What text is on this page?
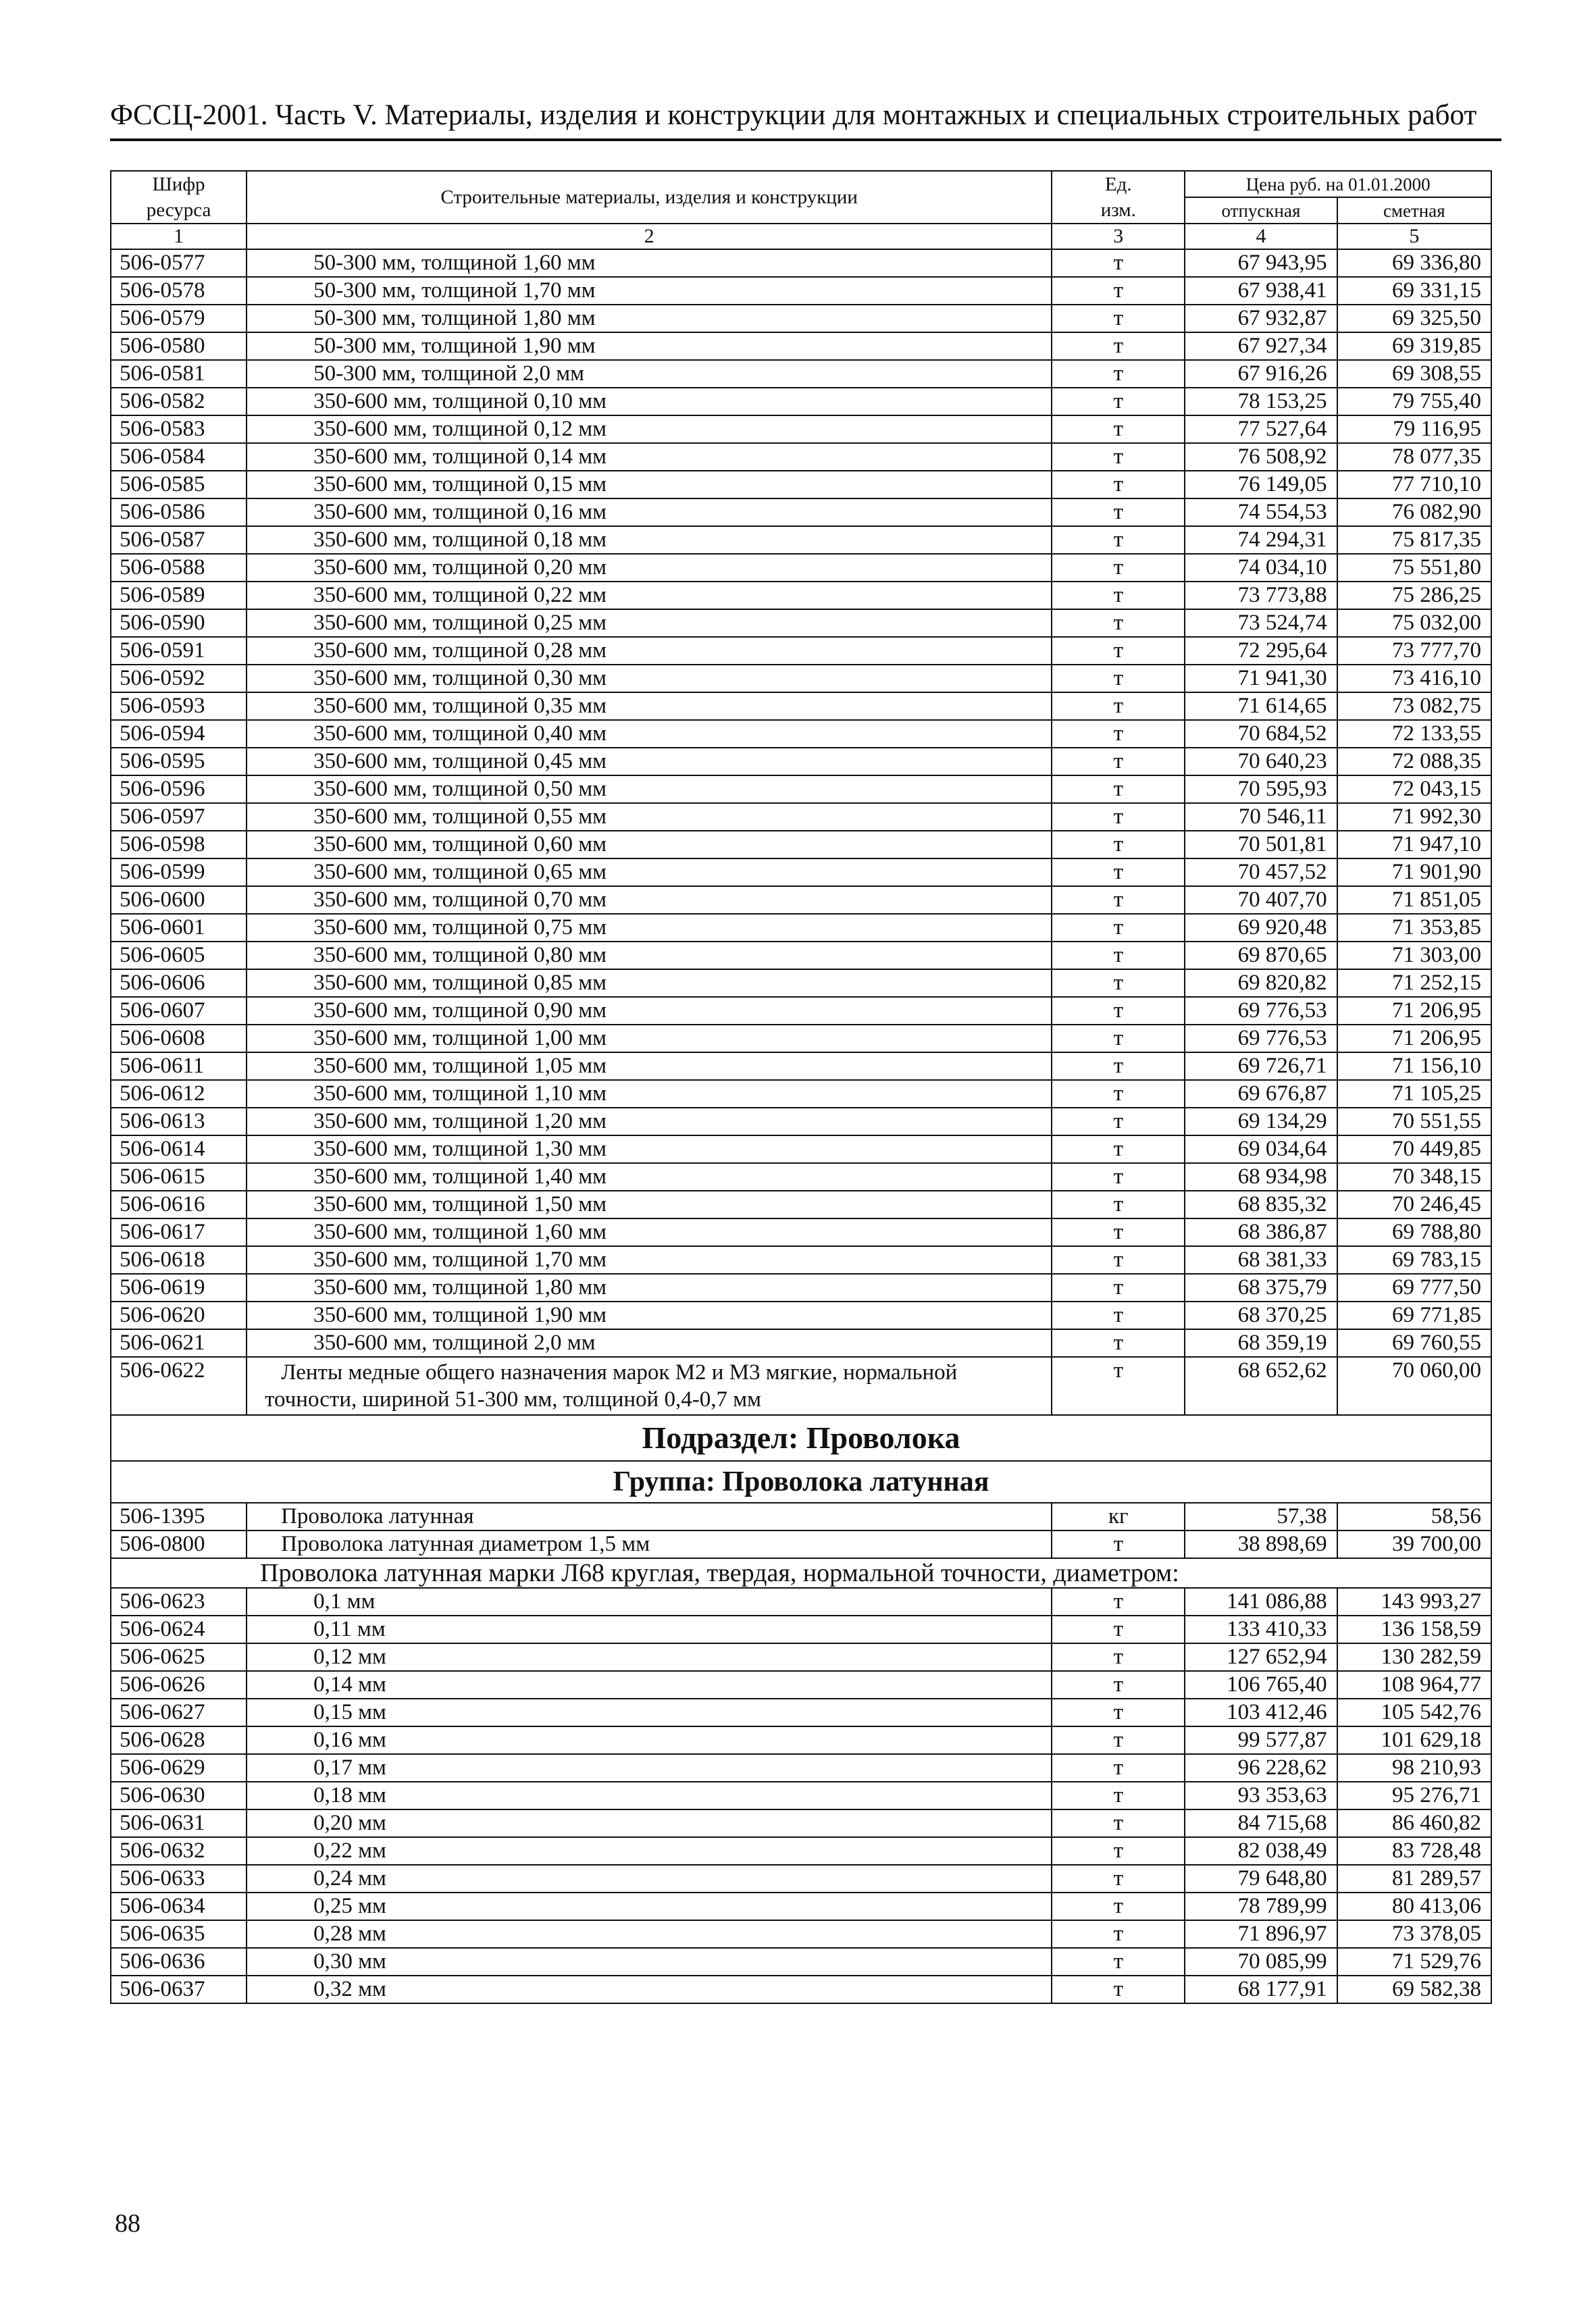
ФССЦ-2001. Часть V. Материалы, изделия и конструкции для монтажных и специальных строительных работ
Шифр
ресурса	Строительные материалы, изделия и конструкции	Ед.
изм.	Цена руб. на 01.01.2000	
			отпускная	сметная
1	2	3	4	5
506-0577	50-300 мм, толщиной 1,60 мм	т	67 943,95	69 336,80
506-0578	50-300 мм, толщиной 1,70 мм	т	67 938,41	69 331,15
506-0579	50-300 мм, толщиной 1,80 мм	т	67 932,87	69 325,50
506-0580	50-300 мм, толщиной 1,90 мм	т	67 927,34	69 319,85
506-0581	50-300 мм, толщиной 2,0 мм	т	67 916,26	69 308,55
506-0582	350-600 мм, толщиной 0,10 мм	т	78 153,25	79 755,40
506-0583	350-600 мм, толщиной 0,12 мм	т	77 527,64	79 116,95
506-0584	350-600 мм, толщиной 0,14 мм	т	76 508,92	78 077,35
506-0585	350-600 мм, толщиной 0,15 мм	т	76 149,05	77 710,10
506-0586	350-600 мм, толщиной 0,16 мм	т	74 554,53	76 082,90
506-0587	350-600 мм, толщиной 0,18 мм	т	74 294,31	75 817,35
506-0588	350-600 мм, толщиной 0,20 мм	т	74 034,10	75 551,80
506-0589	350-600 мм, толщиной 0,22 мм	т	73 773,88	75 286,25
506-0590	350-600 мм, толщиной 0,25 мм	т	73 524,74	75 032,00
506-0591	350-600 мм, толщиной 0,28 мм	т	72 295,64	73 777,70
506-0592	350-600 мм, толщиной 0,30 мм	т	71 941,30	73 416,10
506-0593	350-600 мм, толщиной 0,35 мм	т	71 614,65	73 082,75
506-0594	350-600 мм, толщиной 0,40 мм	т	70 684,52	72 133,55
506-0595	350-600 мм, толщиной 0,45 мм	т	70 640,23	72 088,35
506-0596	350-600 мм, толщиной 0,50 мм	т	70 595,93	72 043,15
506-0597	350-600 мм, толщиной 0,55 мм	т	70 546,11	71 992,30
506-0598	350-600 мм, толщиной 0,60 мм	т	70 501,81	71 947,10
506-0599	350-600 мм, толщиной 0,65 мм	т	70 457,52	71 901,90
506-0600	350-600 мм, толщиной 0,70 мм	т	70 407,70	71 851,05
506-0601	350-600 мм, толщиной 0,75 мм	т	69 920,48	71 353,85
506-0605	350-600 мм, толщиной 0,80 мм	т	69 870,65	71 303,00
506-0606	350-600 мм, толщиной 0,85 мм	т	69 820,82	71 252,15
506-0607	350-600 мм, толщиной 0,90 мм	т	69 776,53	71 206,95
506-0608	350-600 мм, толщиной 1,00 мм	т	69 776,53	71 206,95
506-0611	350-600 мм, толщиной 1,05 мм	т	69 726,71	71 156,10
506-0612	350-600 мм, толщиной 1,10 мм	т	69 676,87	71 105,25
506-0613	350-600 мм, толщиной 1,20 мм	т	69 134,29	70 551,55
506-0614	350-600 мм, толщиной 1,30 мм	т	69 034,64	70 449,85
506-0615	350-600 мм, толщиной 1,40 мм	т	68 934,98	70 348,15
506-0616	350-600 мм, толщиной 1,50 мм	т	68 835,32	70 246,45
506-0617	350-600 мм, толщиной 1,60 мм	т	68 386,87	69 788,80
506-0618	350-600 мм, толщиной 1,70 мм	т	68 381,33	69 783,15
506-0619	350-600 мм, толщиной 1,80 мм	т	68 375,79	69 777,50
506-0620	350-600 мм, толщиной 1,90 мм	т	68 370,25	69 771,85
506-0621	350-600 мм, толщиной 2,0 мм	т	68 359,19	69 760,55
506-0622	Ленты медные общего назначения марок М2 и М3 мягкие, нормальной
точности, шириной 51-300 мм, толщиной 0,4-0,7 мм	т	68 652,62	70 060,00
Подраздел: Проволока				
Группа: Проволока латунная				
506-1395	Проволока латунная	кг	57,38	58,56
506-0800	Проволока латунная диаметром 1,5 мм	т	38 898,69	39 700,00
Проволока латунная марки Л68 круглая, твердая, нормальной точности, диаметром:				
506-0623	0,1 мм	т	141 086,88	143 993,27
506-0624	0,11 мм	т	133 410,33	136 158,59
506-0625	0,12 мм	т	127 652,94	130 282,59
506-0626	0,14 мм	т	106 765,40	108 964,77
506-0627	0,15 мм	т	103 412,46	105 542,76
506-0628	0,16 мм	т	99 577,87	101 629,18
506-0629	0,17 мм	т	96 228,62	98 210,93
506-0630	0,18 мм	т	93 353,63	95 276,71
506-0631	0,20 мм	т	84 715,68	86 460,82
506-0632	0,22 мм	т	82 038,49	83 728,48
506-0633	0,24 мм	т	79 648,80	81 289,57
506-0634	0,25 мм	т	78 789,99	80 413,06
506-0635	0,28 мм	т	71 896,97	73 378,05
506-0636	0,30 мм	т	70 085,99	71 529,76
506-0637	0,32 мм	т	68 177,91	69 582,38
88
